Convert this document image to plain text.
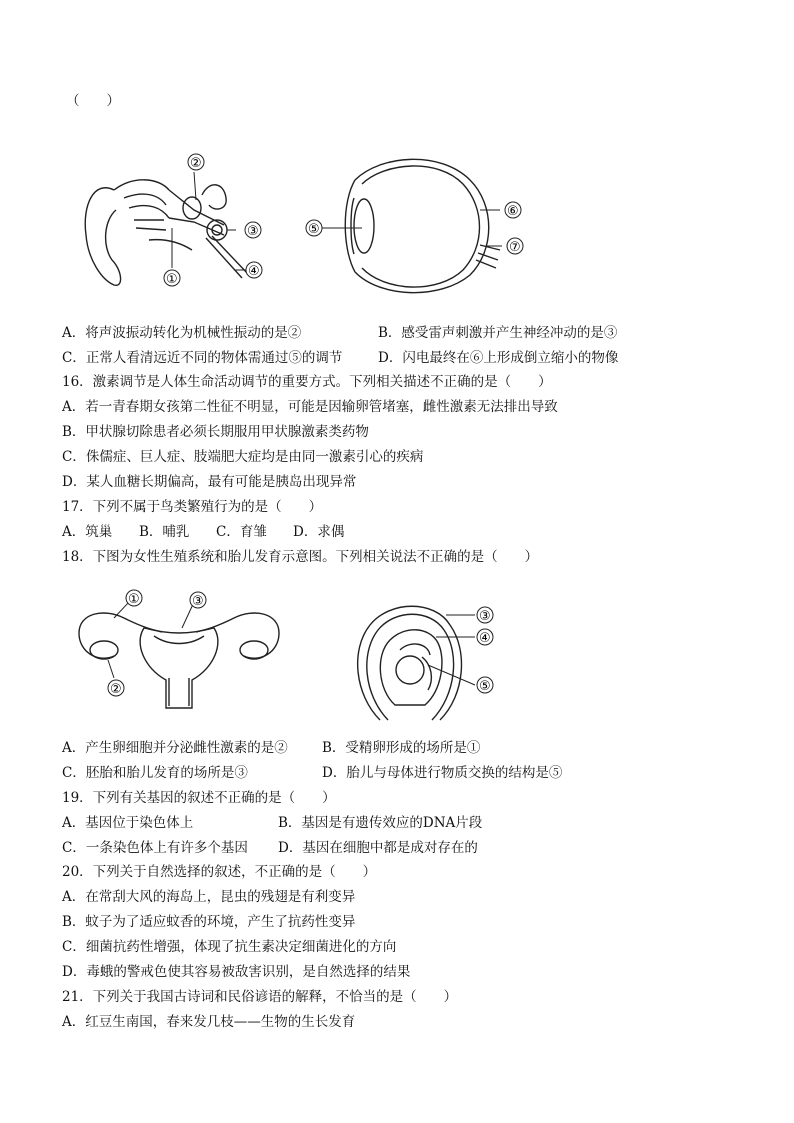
（　　）
②
③
④
①
⑤
⑥
⑦
A．将声波振动转化为机械性振动的是②	B．感受雷声刺激并产生神经冲动的是③
C．正常人看清远近不同的物体需通过⑤的调节	D．闪电最终在⑥上形成倒立缩小的物像
16．激素调节是人体生命活动调节的重要方式。下列相关描述不正确的是（　　）
A．若一青春期女孩第二性征不明显，可能是因输卵管堵塞，雌性激素无法排出导致
B．甲状腺切除患者必须长期服用甲状腺激素类药物
C．侏儒症、巨人症、肢端肥大症均是由同一激素引心的疾病
D．某人血糖长期偏高，最有可能是胰岛出现异常
17．下列不属于鸟类繁殖行为的是（　　）
A．筑巢 B．哺乳 C．育雏 D．求偶
18．下图为女性生殖系统和胎儿发育示意图。下列相关说法不正确的是（　　）
①	③
②
③
④
⑤
A．产生卵细胞并分泌雌性激素的是②	B．受精卵形成的场所是①
C．胚胎和胎儿发育的场所是③	D．胎儿与母体进行物质交换的结构是⑤
19．下列有关基因的叙述不正确的是（　　）
A．基因位于染色体上	B．基因是有遗传效应的DNA片段
C．一条染色体上有许多个基因 D．基因在细胞中都是成对存在的
20．下列关于自然选择的叙述，不正确的是（　　）
A．在常刮大风的海岛上，昆虫的残翅是有利变异
B．蚊子为了适应蚊香的环境，产生了抗药性变异
C．细菌抗药性增强，体现了抗生素决定细菌进化的方向
D．毒蛾的警戒色使其容易被敌害识别，是自然选择的结果
21．下列关于我国古诗词和民俗谚语的解释，不恰当的是（　　）
A．红豆生南国，春来发几枝——生物的生长发育
